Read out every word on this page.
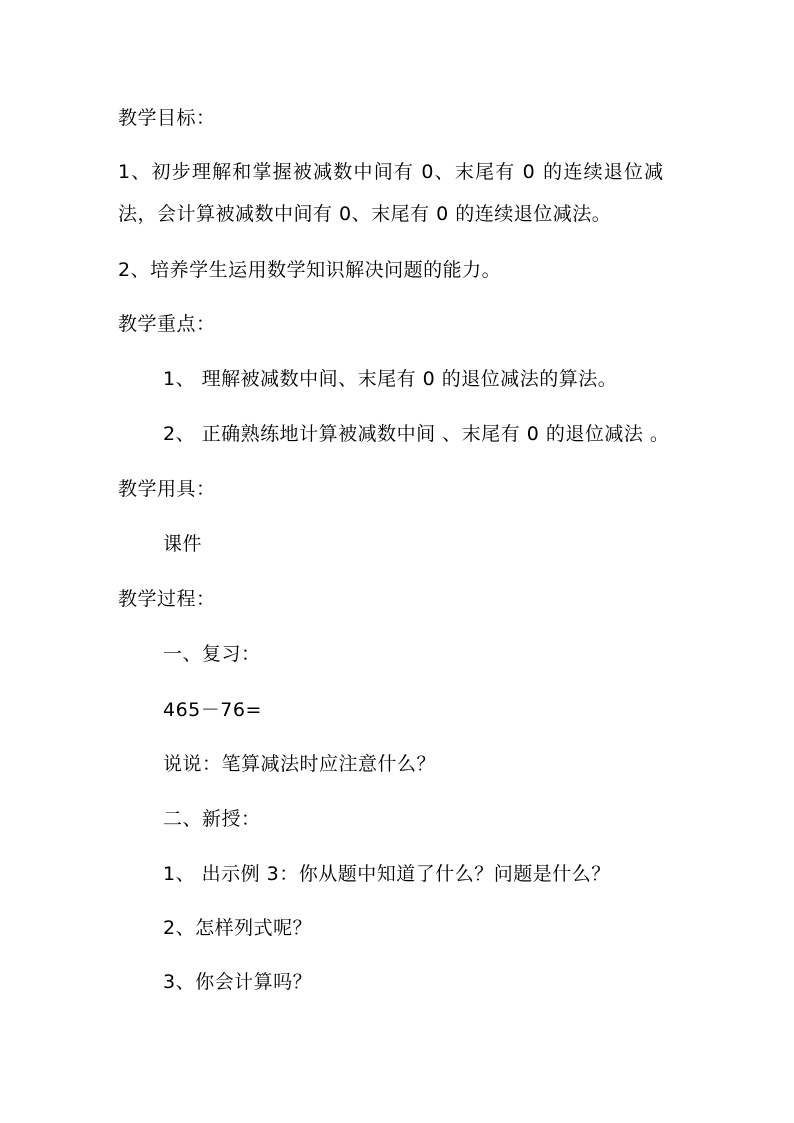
教学目标：
1、初步理解和掌握被减数中间有 0、末尾有 0 的连续退位减
法，会计算被减数中间有 0、末尾有 0 的连续退位减法。
2、培养学生运用数学知识解决问题的能力。
教学重点：
1、 理解被减数中间、末尾有 0 的退位减法的算法。
2、 正确熟练地计算被减数中间 、末尾有 0 的退位减法 。
教学用具：
课件
教学过程：
一、复习：
465－76=
说说：笔算减法时应注意什么？
二、新授：
1、 出示例 3：你从题中知道了什么？问题是什么？
2、怎样列式呢？
3、你会计算吗？
